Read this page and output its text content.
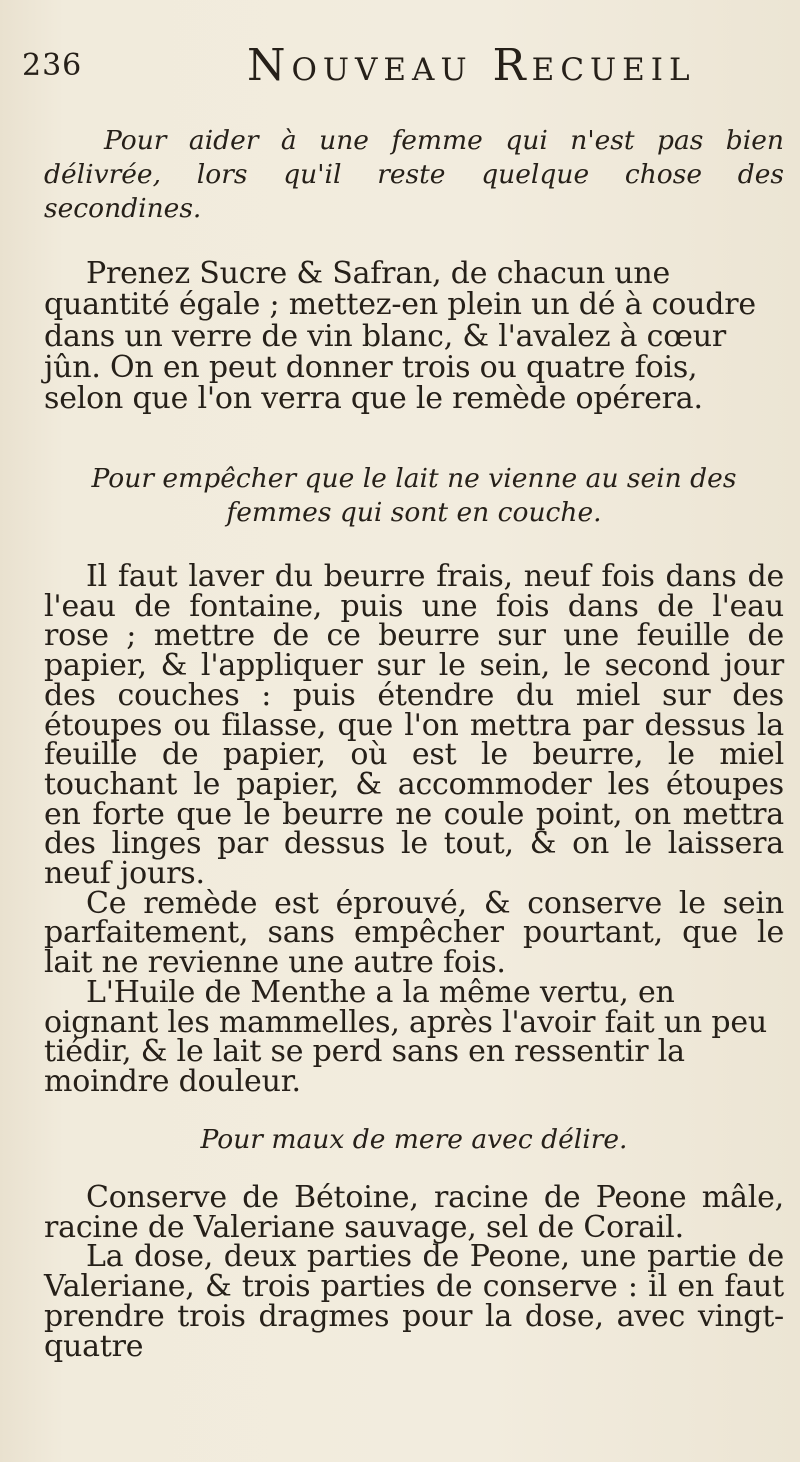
236	Nouveau Recueil

Pour aider à une femme qui n'est pas bien délivrée, lors qu'il reste quelque chose des secondines.

Prenez Sucre & Safran, de chacun une quantité égale ; mettez-en plein un dé à coudre dans un verre de vin blanc, & l'avalez à cœur jûn. On en peut donner trois ou quatre fois, selon que l'on verra que le remède opérera.

Pour empêcher que le lait ne vienne au sein des femmes qui sont en couche.

Il faut laver du beurre frais, neuf fois dans de l'eau de fontaine, puis une fois dans de l'eau rose ; mettre de ce beurre sur une feuille de papier, & l'appliquer sur le sein, le second jour des couches : puis étendre du miel sur des étoupes ou filasse, que l'on mettra par dessus la feuille de papier, où est le beurre, le miel touchant le papier, & accommoder les étoupes en forte que le beurre ne coule point, on mettra des linges par dessus le tout, & on le laissera neuf jours.

Ce remède est éprouvé, & conserve le sein parfaitement, sans empêcher pourtant, que le lait ne revienne une autre fois.

L'Huile de Menthe a la même vertu, en oignant les mammelles, après l'avoir fait un peu tiédir, & le lait se perd sans en ressentir la moindre douleur.

Pour maux de mere avec délire.

Conserve de Bétoine, racine de Peone mâle, racine de Valeriane sauvage, sel de Corail.

La dose, deux parties de Peone, une partie de Valeriane, & trois parties de conserve : il en faut prendre trois dragmes pour la dose, avec vingt-quatre
